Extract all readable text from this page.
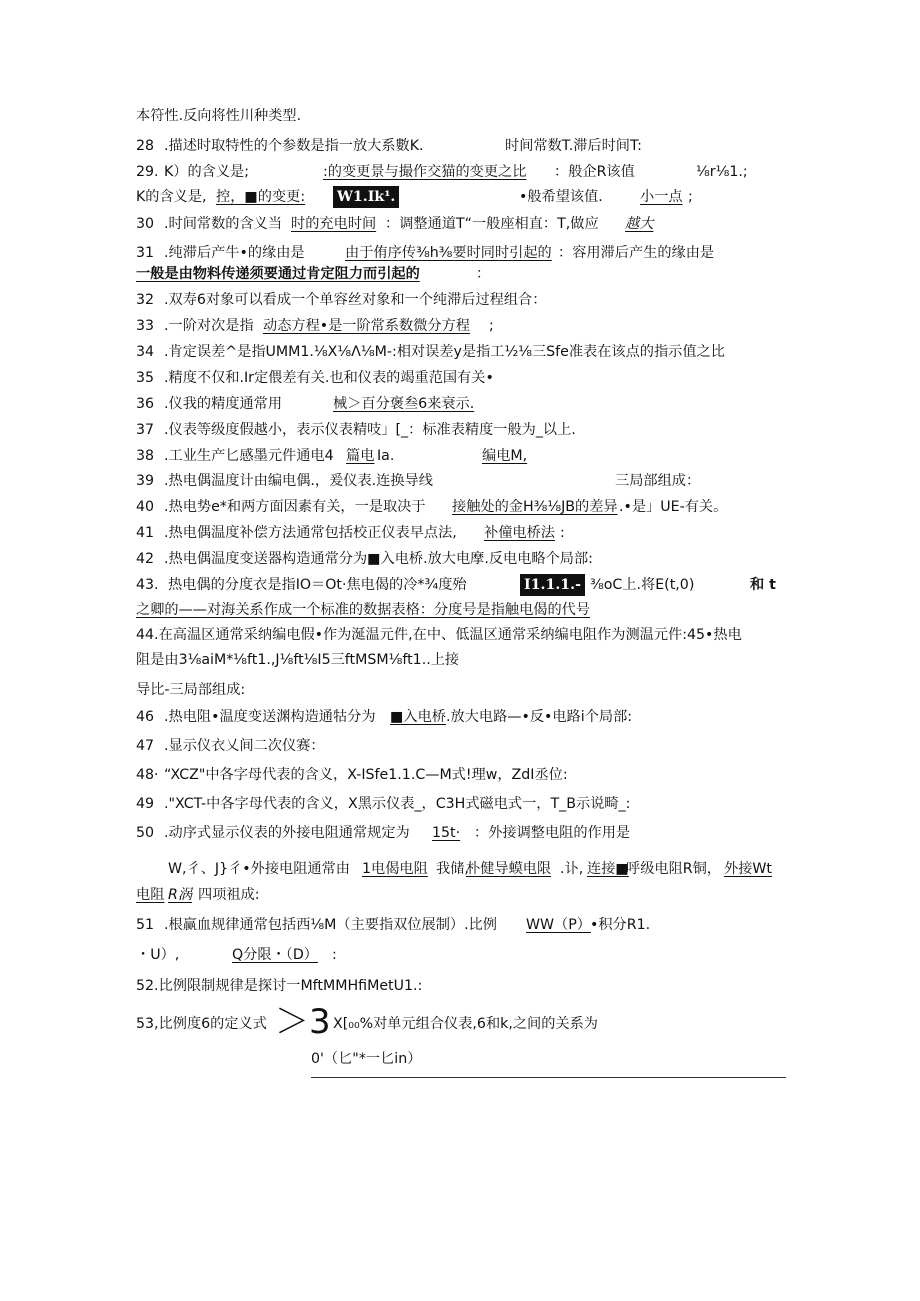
本符性.反向将性川种类型.
28 .描述时取特性的个参数是指一放大系數K.	时间常数T.滞后时间T:
29. K）的含义是;	:的变更景与撮作交猫的变更之比 ：般企R该值	⅛r⅛1.;
K的含义是, 控，■的变更: W1.Ik¹.	•般希望该值.	小一点 ;
30 .时间常数的含义当 时的充电时间 ：调整通道T“一般座相直：T,做应 越大
31 .纯滞后产牛•的缘由是	由于侑序传⅜h⅜要时同时引起的 ：容用滞后产生的缘由是
一般是由物料传递须要通过肯定阻力而引起的	：
32 .双寿6对象可以看成一个单容丝对象和一个纯滞后过程组合：
33 .一阶对次是指 动态方程•是一阶常系数微分方程 ;
34 .肯定误差^是指UMM1.⅛X⅛Λ⅛M-:相对误差y是指工½⅛三Sfe准表在该点的指示值之比
35 .精度不仅和.Ir定偎差有关.也和仪表的竭重范国有关•
36 .仪我的精度通常用	械＞百分褒叁6来衰示.
37 .仪表等级度假越小，表示仪表精吱」[_：标准表精度一般为_以上.
38 .工业生产匕感墨元件通电4 篇电 Ia.	编电M,
39 .热电偶温度计由编电偶.，爰仪表.连换导线	三局部组成：
40 .热电势e*和两方面因素有关，一是取决于 接触处的金H⅜⅛JB的差异 .•是」UE-有关。
41 .热电偶温度补偿方法通常包括校正仪表早点法, 补僮电桥法 :
42 .热电偶温度变送器构造通常分为■入电桥.放大电摩.反电电略个局部:
43. 热电偶的分度衣是指IO＝Ot·焦电偈的冷*¾度殆	I1.1.1.- ⅜oC上.将E(t,0)	和 t
之卿的——对海关系作成一个标准的数据表格：分度号是指触电偈的代号
44.在高温区通常采纳编电假•作为涎温元件,在中、低温区通常采纳编电阻作为测温元件:45•热电
阻是由3⅛aiM*⅛ft1.,J⅛ft⅛I5三ftMSM⅛ft1..上接
导比-三局部组成:
46 .热电阻•温度变送渊构造通牯分为 ■入电桥 .放大电路—•反•电路i个局部:
47 .显示仪衣乂间二次仪赛：
48· “XCZ"中各字母代表的含义，X-ISfe1.1.C—M式!理w，ZdI丞位:
49 ."XCT-中各字母代表的含义，X黑示仪表_，C3H式磁电式一，T_B示说畸_:
50 .动序式显示仪表的外接电阻通常规定为 15t· ：外接调整电阻的作用是
W,彳、J}彳•外接电阻通常由 1电偈电阻 我储,
朴健导蟆电限 .讣, 连接■
呼级电阻R铜， 外接Wt
电阻 R涡 四项祖成:
51 .根赢血规律通常包括西⅛M（主要指双位展制）.比例 WW（P） •积分R1.
・U）,	Q分限・（D） :
52.比例限制规律是探讨一MftMMHfiMetU1.:
53,比例度6的定义式 ＞3 X[₀₀%对单元组合仪表,6和k,之间的关系为
0'（匕"*一匕in）
